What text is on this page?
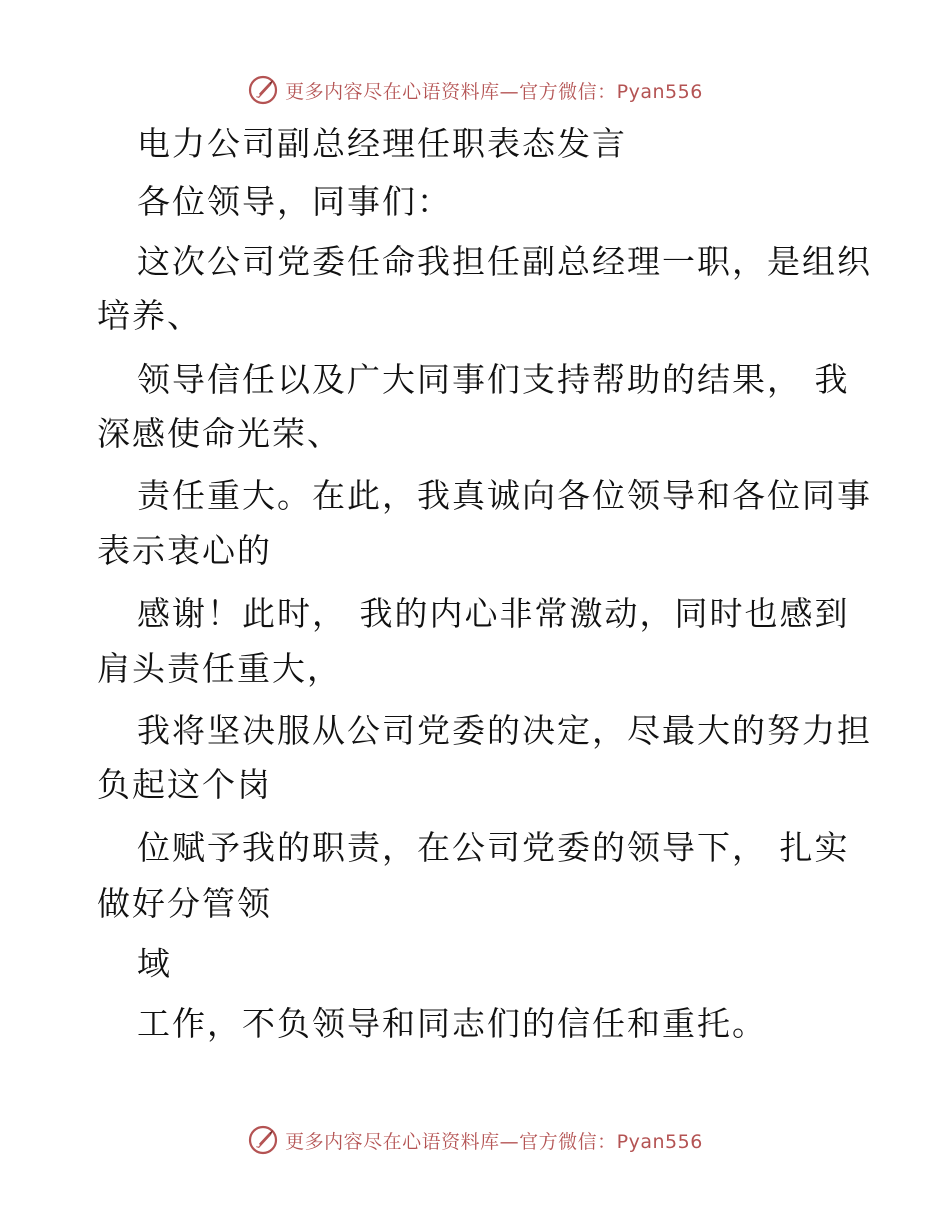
更多内容尽在心语资料库—官方微信：Pyan556
电力公司副总经理任职表态发言
各位领导，同事们：
这次公司党委任命我担任副总经理一职，是组织
培养、
领导信任以及广大同事们支持帮助的结果， 我
深感使命光荣、
责任重大。在此，我真诚向各位领导和各位同事
表示衷心的
感谢！此时， 我的内心非常激动，同时也感到
肩头责任重大，
我将坚决服从公司党委的决定，尽最大的努力担
负起这个岗
位赋予我的职责，在公司党委的领导下， 扎实
做好分管领
域
工作，不负领导和同志们的信任和重托。
更多内容尽在心语资料库—官方微信：Pyan556
